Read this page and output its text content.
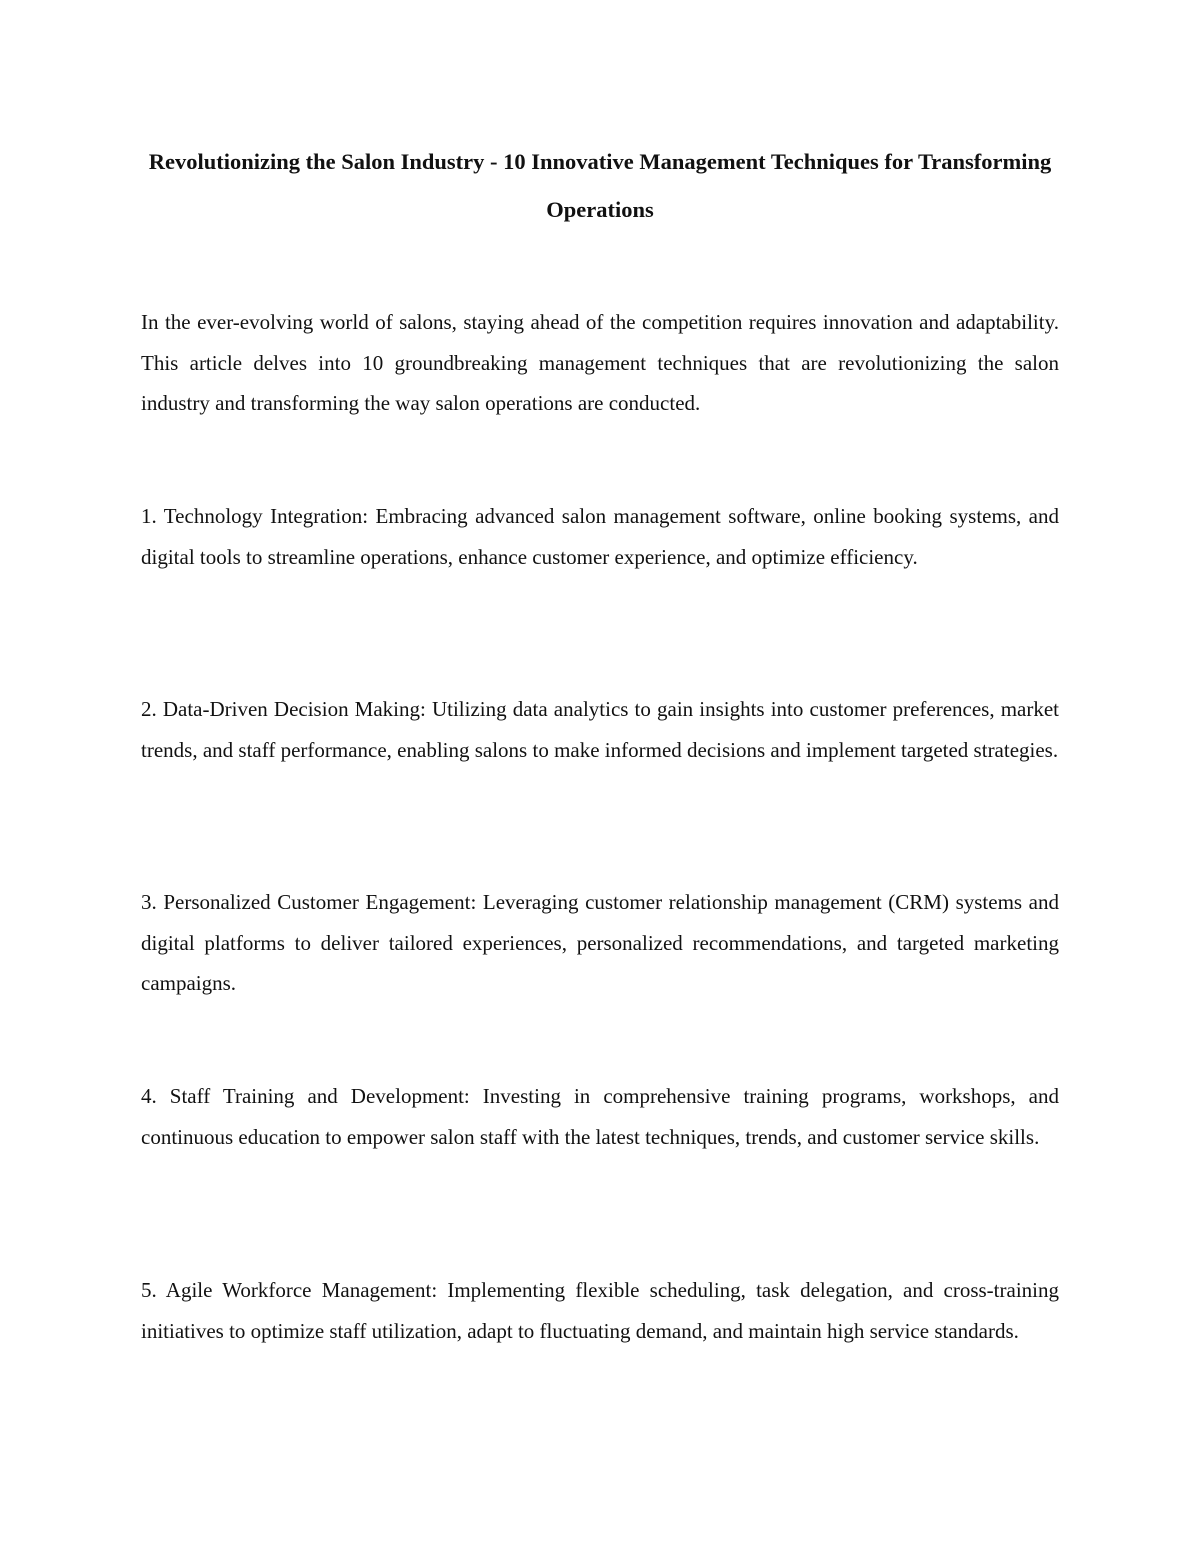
Revolutionizing the Salon Industry - 10 Innovative Management Techniques for Transforming Operations

In the ever-evolving world of salons, staying ahead of the competition requires innovation and adaptability. This article delves into 10 groundbreaking management techniques that are revolutionizing the salon industry and transforming the way salon operations are conducted.

1. Technology Integration: Embracing advanced salon management software, online booking systems, and digital tools to streamline operations, enhance customer experience, and optimize efficiency.

2. Data-Driven Decision Making: Utilizing data analytics to gain insights into customer preferences, market trends, and staff performance, enabling salons to make informed decisions and implement targeted strategies.

3. Personalized Customer Engagement: Leveraging customer relationship management (CRM) systems and digital platforms to deliver tailored experiences, personalized recommendations, and targeted marketing campaigns.

4. Staff Training and Development: Investing in comprehensive training programs, workshops, and continuous education to empower salon staff with the latest techniques, trends, and customer service skills.

5. Agile Workforce Management: Implementing flexible scheduling, task delegation, and cross-training initiatives to optimize staff utilization, adapt to fluctuating demand, and maintain high service standards.
